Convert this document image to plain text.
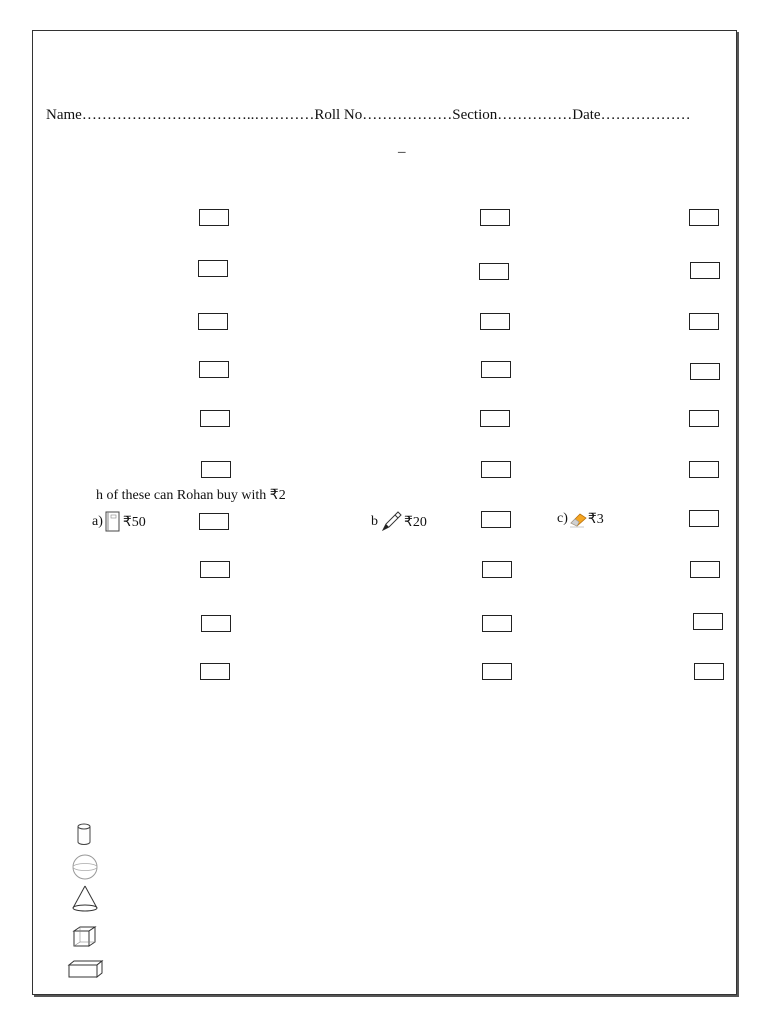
Name……………………………..…………Roll No………………Section……………Date………………
–
h of these can Rohan buy with ₹2
a) ₹50	b ₹20	c) ₹3
